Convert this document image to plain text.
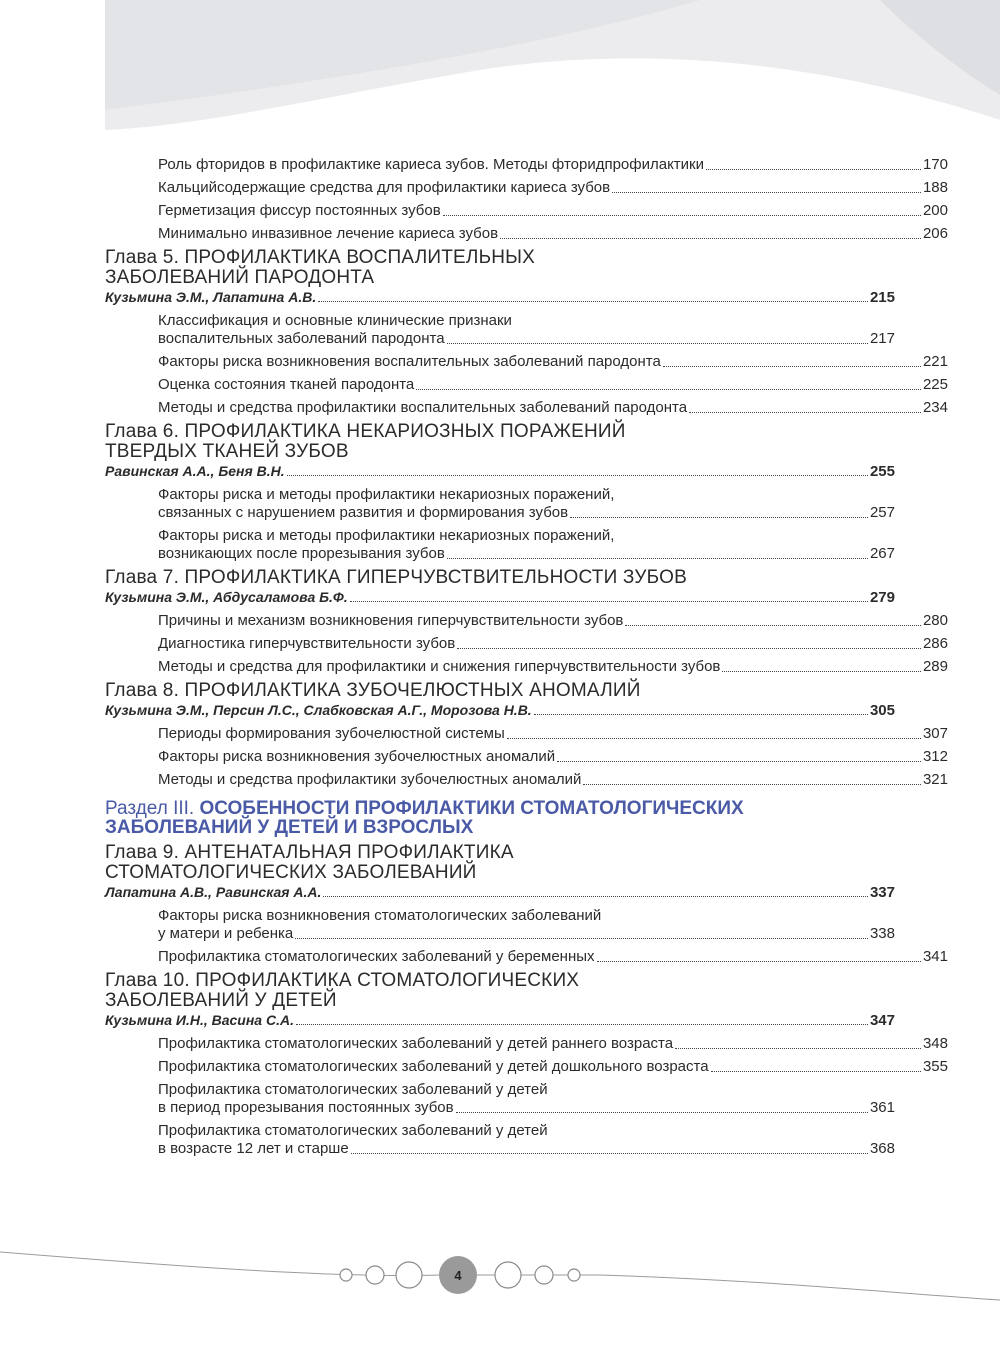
Роль фторидов в профилактике кариеса зубов. Методы фторидпрофилактики	170
Кальцийсодержащие средства для профилактики кариеса зубов	188
Герметизация фиссур постоянных зубов	200
Минимально инвазивное лечение кариеса зубов	206
Глава 5. ПРОФИЛАКТИКА ВОСПАЛИТЕЛЬНЫХ
ЗАБОЛЕВАНИЙ ПАРОДОНТА
Кузьмина Э.М., Лапатина А.В.	215
Классификация и основные клинические признаки
воспалительных заболеваний пародонта	217
Факторы риска возникновения воспалительных заболеваний пародонта	221
Оценка состояния тканей пародонта	225
Методы и средства профилактики воспалительных заболеваний пародонта	234
Глава 6. ПРОФИЛАКТИКА НЕКАРИОЗНЫХ ПОРАЖЕНИЙ
ТВЕРДЫХ ТКАНЕЙ ЗУБОВ
Равинская А.А., Беня В.Н.	255
Факторы риска и методы профилактики некариозных поражений,
связанных с нарушением развития и формирования зубов	257
Факторы риска и методы профилактики некариозных поражений,
возникающих после прорезывания зубов	267
Глава 7. ПРОФИЛАКТИКА ГИПЕРЧУВСТВИТЕЛЬНОСТИ ЗУБОВ
Кузьмина Э.М., Абдусаламова Б.Ф.	279
Причины и механизм возникновения гиперчувствительности зубов	280
Диагностика гиперчувствительности зубов	286
Методы и средства для профилактики и снижения гиперчувствительности зубов	289
Глава 8. ПРОФИЛАКТИКА ЗУБОЧЕЛЮСТНЫХ АНОМАЛИЙ
Кузьмина Э.М., Персин Л.С., Слабковская А.Г., Морозова Н.В.	305
Периоды формирования зубочелюстной системы	307
Факторы риска возникновения зубочелюстных аномалий	312
Методы и средства профилактики зубочелюстных аномалий	321
Раздел III. ОСОБЕННОСТИ ПРОФИЛАКТИКИ СТОМАТОЛОГИЧЕСКИХ
ЗАБОЛЕВАНИЙ У ДЕТЕЙ И ВЗРОСЛЫХ
Глава 9. АНТЕНАТАЛЬНАЯ ПРОФИЛАКТИКА
СТОМАТОЛОГИЧЕСКИХ ЗАБОЛЕВАНИЙ
Лапатина А.В., Равинская А.А.	337
Факторы риска возникновения стоматологических заболеваний
у матери и ребенка	338
Профилактика стоматологических заболеваний у беременных	341
Глава 10. ПРОФИЛАКТИКА СТОМАТОЛОГИЧЕСКИХ
ЗАБОЛЕВАНИЙ У ДЕТЕЙ
Кузьмина И.Н., Васина С.А.	347
Профилактика стоматологических заболеваний у детей раннего возраста	348
Профилактика стоматологических заболеваний у детей дошкольного возраста	355
Профилактика стоматологических заболеваний у детей
в период прорезывания постоянных зубов	361
Профилактика стоматологических заболеваний у детей
в возрасте 12 лет и старше	368
4
